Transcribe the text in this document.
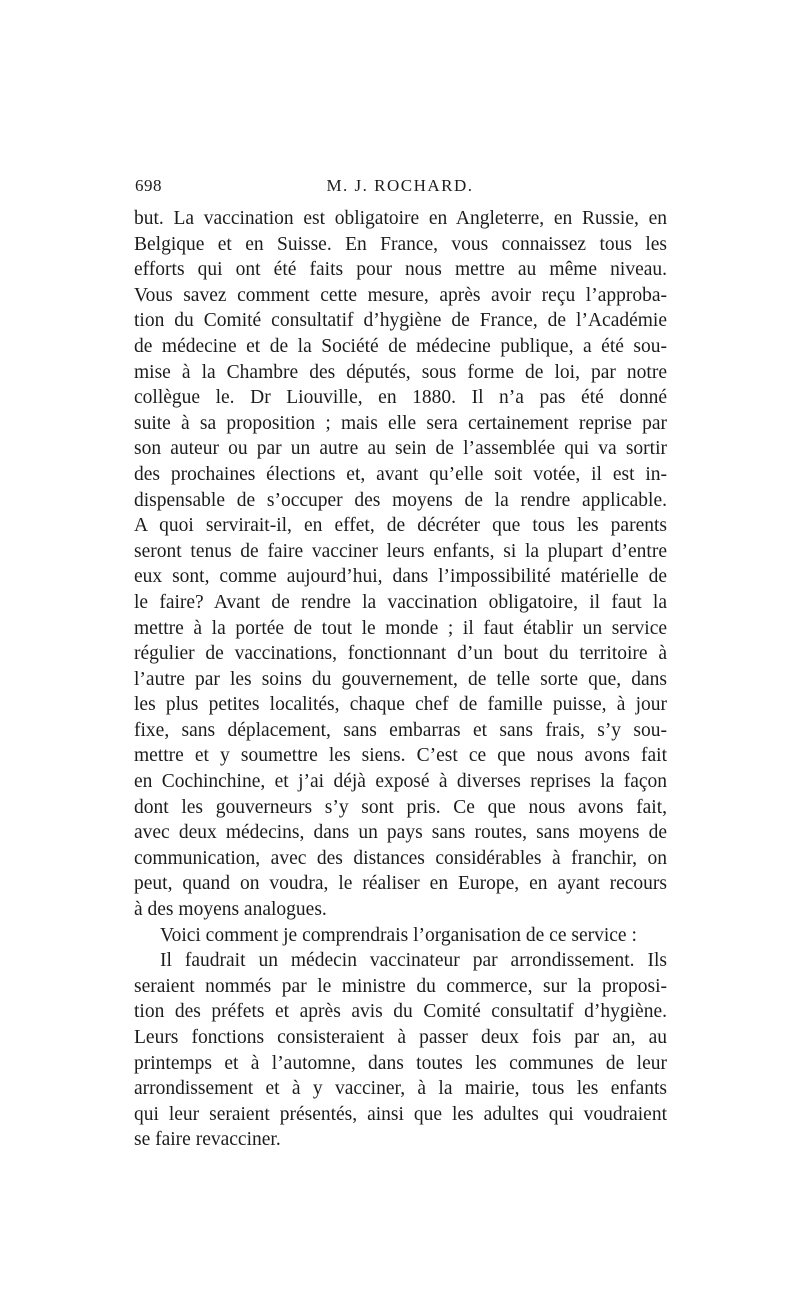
698	M. J. ROCHARD.
but. La vaccination est obligatoire en Angleterre, en Russie, en
Belgique et en Suisse. En France, vous connaissez tous les
efforts qui ont été faits pour nous mettre au même niveau.
Vous savez comment cette mesure, après avoir reçu l’approba-
tion du Comité consultatif d’hygiène de France, de l’Académie
de médecine et de la Société de médecine publique, a été sou-
mise à la Chambre des députés, sous forme de loi, par notre
collègue le. Dr Liouville, en 1880. Il n’a pas été donné
suite à sa proposition ; mais elle sera certainement reprise par
son auteur ou par un autre au sein de l’assemblée qui va sortir
des prochaines élections et, avant qu’elle soit votée, il est in-
dispensable de s’occuper des moyens de la rendre applicable.
A quoi servirait-il, en effet, de décréter que tous les parents
seront tenus de faire vacciner leurs enfants, si la plupart d’entre
eux sont, comme aujourd’hui, dans l’impossibilité matérielle de
le faire? Avant de rendre la vaccination obligatoire, il faut la
mettre à la portée de tout le monde ; il faut établir un service
régulier de vaccinations, fonctionnant d’un bout du territoire à
l’autre par les soins du gouvernement, de telle sorte que, dans
les plus petites localités, chaque chef de famille puisse, à jour
fixe, sans déplacement, sans embarras et sans frais, s’y sou-
mettre et y soumettre les siens. C’est ce que nous avons fait
en Cochinchine, et j’ai déjà exposé à diverses reprises la façon
dont les gouverneurs s’y sont pris. Ce que nous avons fait,
avec deux médecins, dans un pays sans routes, sans moyens de
communication, avec des distances considérables à franchir, on
peut, quand on voudra, le réaliser en Europe, en ayant recours
à des moyens analogues.
Voici comment je comprendrais l’organisation de ce service :
Il faudrait un médecin vaccinateur par arrondissement. Ils
seraient nommés par le ministre du commerce, sur la proposi-
tion des préfets et après avis du Comité consultatif d’hygiène.
Leurs fonctions consisteraient à passer deux fois par an, au
printemps et à l’automne, dans toutes les communes de leur
arrondissement et à y vacciner, à la mairie, tous les enfants
qui leur seraient présentés, ainsi que les adultes qui voudraient
se faire revacciner.
